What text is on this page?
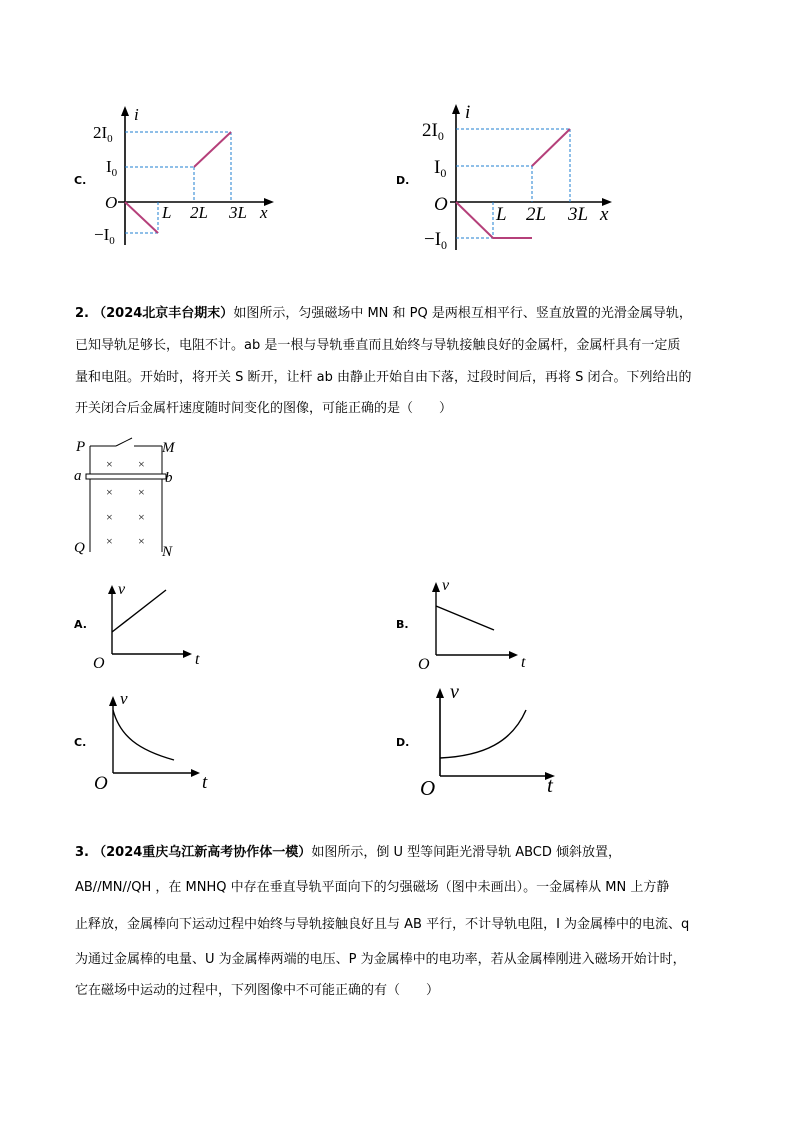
C.
i
x
O
$2I_0$
$I_0$
$-I_0$
L 2L 3L
D.
i
x
O
$2I_0$
$I_0$
$-I_0$
L 2L 3L
2. （2024北京丰台期末）如图所示，匀强磁场中 MN 和 PQ 是两根互相平行、竖直放置的光滑金属导轨，
已知导轨足够长，电阻不计。ab 是一根与导轨垂直而且始终与导轨接触良好的金属杆，金属杆具有一定质
量和电阻。开始时，将开关 S 断开，让杆 ab 由静止开始自由下落，过段时间后，再将 S 闭合。下列给出的
开关闭合后金属杆速度随时间变化的图像，可能正确的是（　　）
× ×
× ×
× ×
× ×
P	M
a	b
Q	N
A.
v
t
O
B.
v
t
O
C.
v
t
O
D.
v
t
O
3. （2024重庆乌江新高考协作体一模）如图所示，倒 U 型等间距光滑导轨 ABCD 倾斜放置，
AB//MN//QH ，在 MNHQ 中存在垂直导轨平面向下的匀强磁场（图中未画出）。一金属棒从 MN 上方静
止释放，金属棒向下运动过程中始终与导轨接触良好且与 AB 平行，不计导轨电阻，I 为金属棒中的电流、q
为通过金属棒的电量、U 为金属棒两端的电压、P 为金属棒中的电功率，若从金属棒刚进入磁场开始计时，
它在磁场中运动的过程中，下列图像中不可能正确的有（　　）
